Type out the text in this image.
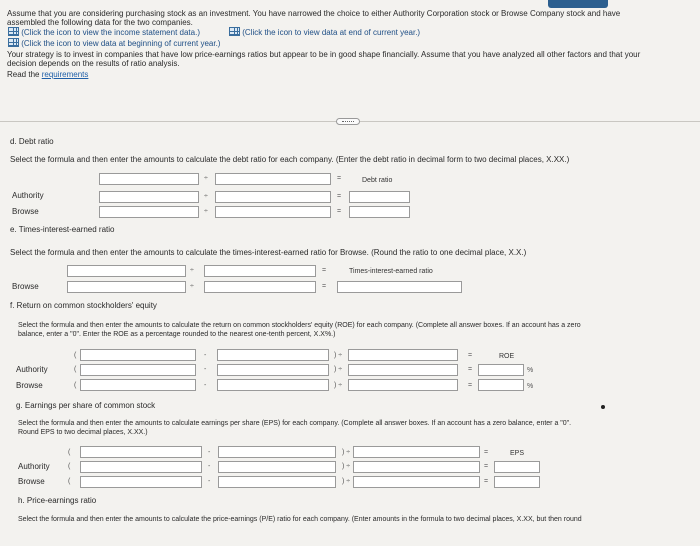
Assume that you are considering purchasing stock as an investment. You have narrowed the choice to either Authority Corporation stock or Browse Company stock and have
assembled the following data for the two companies.
(Click the icon to view the income statement data.)	(Click the icon to view data at end of current year.)
(Click the icon to view data at beginning of current year.)
Your strategy is to invest in companies that have low price-earnings ratios but appear to be in good shape financially. Assume that you have analyzed all other factors and that your
decision depends on the results of ratio analysis.
Read the requirements
d. Debt ratio
Select the formula and then enter the amounts to calculate the debt ratio for each company. (Enter the debt ratio in decimal form to two decimal places, X.XX.)
÷	=	Debt ratio
Authority	÷	=
Browse	÷	=
e. Times-interest-earned ratio
Select the formula and then enter the amounts to calculate the times-interest-earned ratio for Browse. (Round the ratio to one decimal place, X.X.)
÷	=	Times-interest-earned ratio
Browse	÷	=
f. Return on common stockholders' equity
Select the formula and then enter the amounts to calculate the return on common stockholders' equity (ROE) for each company. (Complete all answer boxes. If an account has a zero
balance, enter a "0". Enter the ROE as a percentage rounded to the nearest one-tenth percent, X.X%.)
(	-	) ÷	=	ROE
Authority	(	-	) ÷	=	%
Browse	(	-	) ÷	=	%
g. Earnings per share of common stock
Select the formula and then enter the amounts to calculate earnings per share (EPS) for each company. (Complete all answer boxes. If an account has a zero balance, enter a "0".
Round EPS to two decimal places, X.XX.)
(	-	) ÷	=	EPS
Authority	(	-	) ÷	=
Browse	(	-	) ÷	=
h. Price-earnings ratio
Select the formula and then enter the amounts to calculate the price-earnings (P/E) ratio for each company. (Enter amounts in the formula to two decimal places, X.XX, but then round
